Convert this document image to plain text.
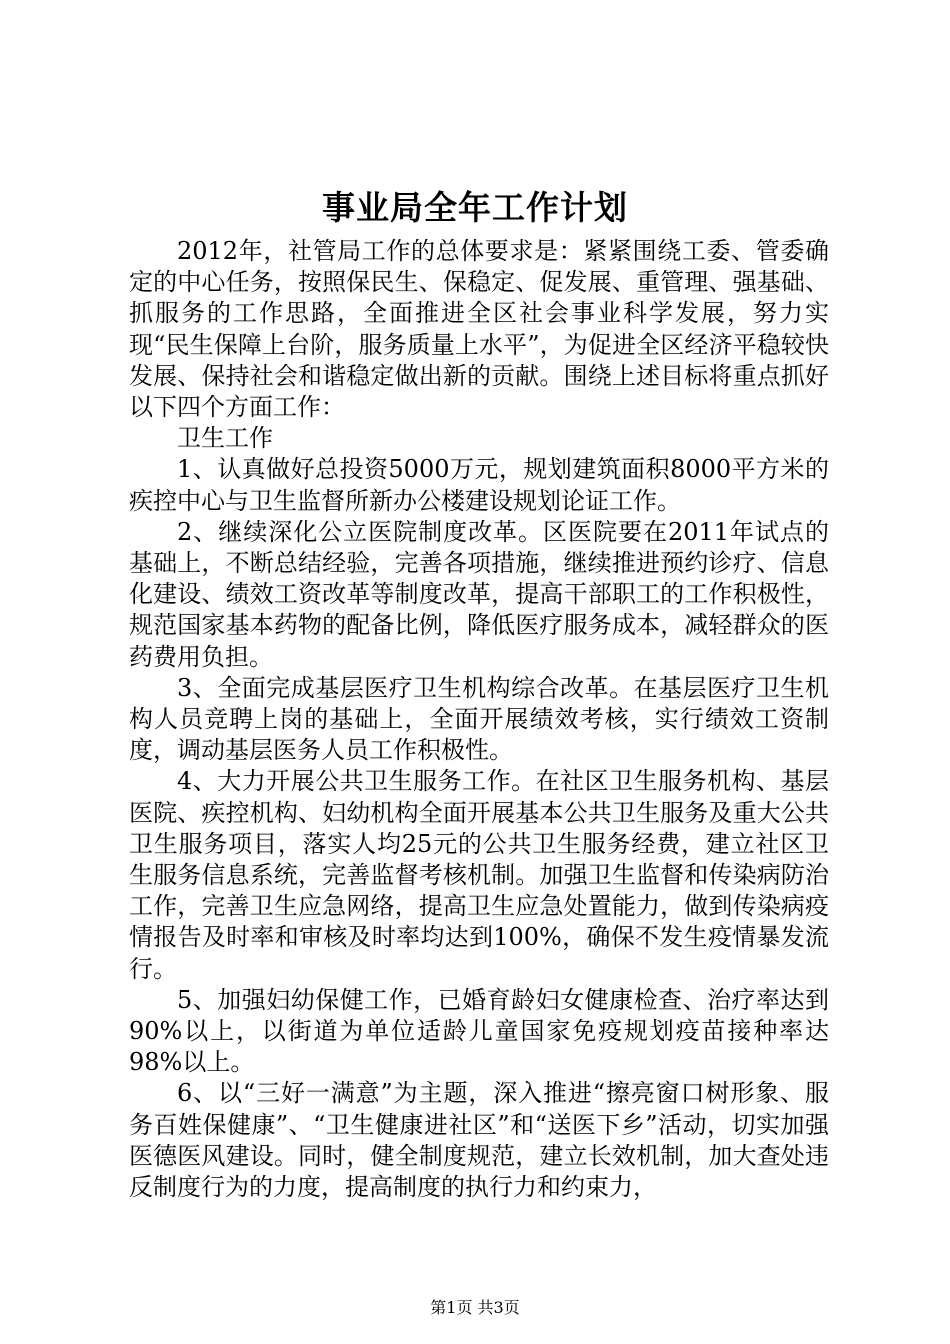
事业局全年工作计划

2012年，社管局工作的总体要求是：紧紧围绕工委、管委确定的中心任务，按照保民生、保稳定、促发展、重管理、强基础、抓服务的工作思路，全面推进全区社会事业科学发展，努力实现“民生保障上台阶，服务质量上水平”，为促进全区经济平稳较快发展、保持社会和谐稳定做出新的贡献。围绕上述目标将重点抓好以下四个方面工作：

卫生工作

1、认真做好总投资5000万元，规划建筑面积8000平方米的疾控中心与卫生监督所新办公楼建设规划论证工作。

2、继续深化公立医院制度改革。区医院要在2011年试点的基础上，不断总结经验，完善各项措施，继续推进预约诊疗、信息化建设、绩效工资改革等制度改革，提高干部职工的工作积极性，规范国家基本药物的配备比例，降低医疗服务成本，减轻群众的医药费用负担。

3、全面完成基层医疗卫生机构综合改革。在基层医疗卫生机构人员竞聘上岗的基础上，全面开展绩效考核，实行绩效工资制度，调动基层医务人员工作积极性。

4、大力开展公共卫生服务工作。在社区卫生服务机构、基层医院、疾控机构、妇幼机构全面开展基本公共卫生服务及重大公共卫生服务项目，落实人均25元的公共卫生服务经费，建立社区卫生服务信息系统，完善监督考核机制。加强卫生监督和传染病防治工作，完善卫生应急网络，提高卫生应急处置能力，做到传染病疫情报告及时率和审核及时率均达到100%，确保不发生疫情暴发流行。

5、加强妇幼保健工作，已婚育龄妇女健康检查、治疗率达到90%以上，以街道为单位适龄儿童国家免疫规划疫苗接种率达98%以上。

6、以“三好一满意”为主题，深入推进“擦亮窗口树形象、服务百姓保健康”、“卫生健康进社区”和“送医下乡”活动，切实加强医德医风建设。同时，健全制度规范，建立长效机制，加大查处违反制度行为的力度，提高制度的执行力和约束力，

第1页 共3页
